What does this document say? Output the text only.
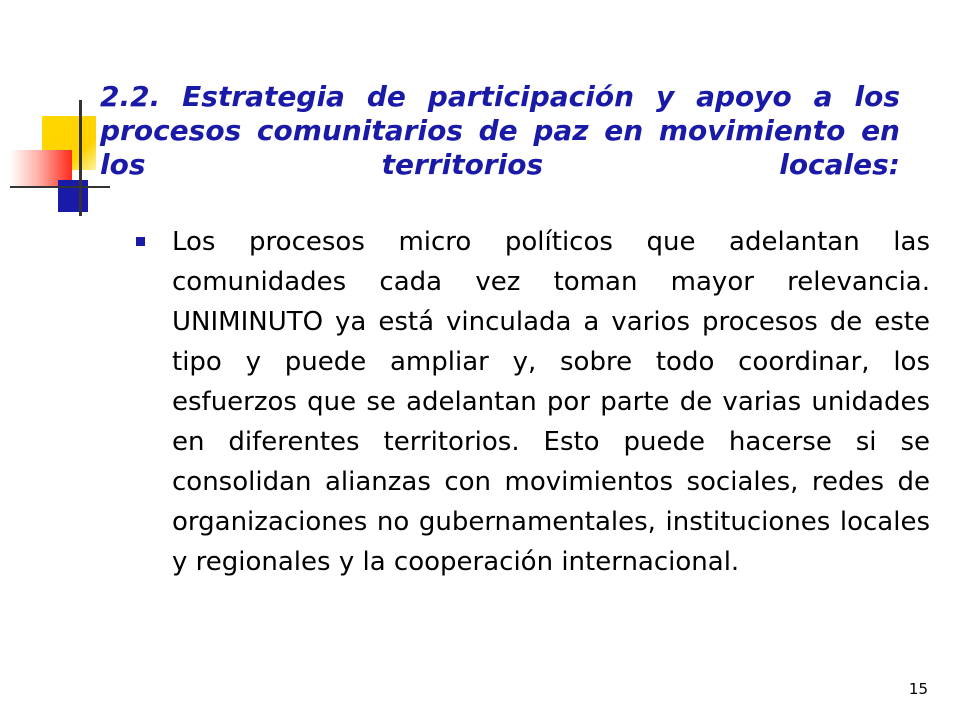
2.2. Estrategia de participación y apoyo a los procesos comunitarios de paz en movimiento en los territorios locales:

Los procesos micro políticos que adelantan las comunidades cada vez toman mayor relevancia. UNIMINUTO ya está vinculada a varios procesos de este tipo y puede ampliar y, sobre todo coordinar, los esfuerzos que se adelantan por parte de varias unidades en diferentes territorios. Esto puede hacerse si se consolidan alianzas con movimientos sociales, redes de organizaciones no gubernamentales, instituciones locales y regionales y la cooperación internacional.

15
